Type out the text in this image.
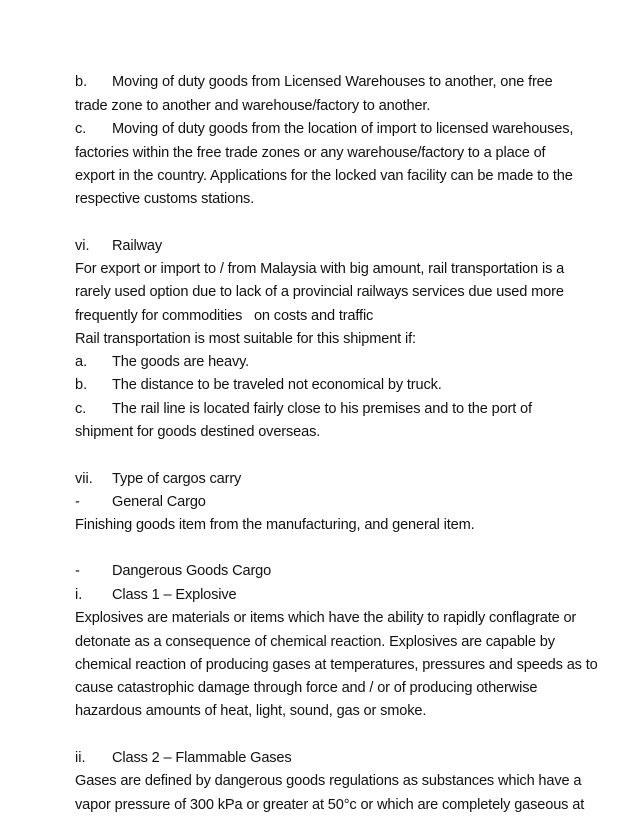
b. Moving of duty goods from Licensed Warehouses to another, one free
trade zone to another and warehouse/factory to another.
c. Moving of duty goods from the location of import to licensed warehouses,
factories within the free trade zones or any warehouse/factory to a place of
export in the country. Applications for the locked van facility can be made to the
respective customs stations.
vi. Railway
For export or import to / from Malaysia with big amount, rail transportation is a
rarely used option due to lack of a provincial railways services due used more
frequently for commodities   on costs and traffic
Rail transportation is most suitable for this shipment if:
a. The goods are heavy.
b. The distance to be traveled not economical by truck.
c. The rail line is located fairly close to his premises and to the port of
shipment for goods destined overseas.
vii. Type of cargos carry
- General Cargo
Finishing goods item from the manufacturing, and general item.
- Dangerous Goods Cargo
i. Class 1 – Explosive
Explosives are materials or items which have the ability to rapidly conflagrate or
detonate as a consequence of chemical reaction. Explosives are capable by
chemical reaction of producing gases at temperatures, pressures and speeds as to
cause catastrophic damage through force and / or of producing otherwise
hazardous amounts of heat, light, sound, gas or smoke.
ii. Class 2 – Flammable Gases
Gases are defined by dangerous goods regulations as substances which have a
vapor pressure of 300 kPa or greater at 50°c or which are completely gaseous at
